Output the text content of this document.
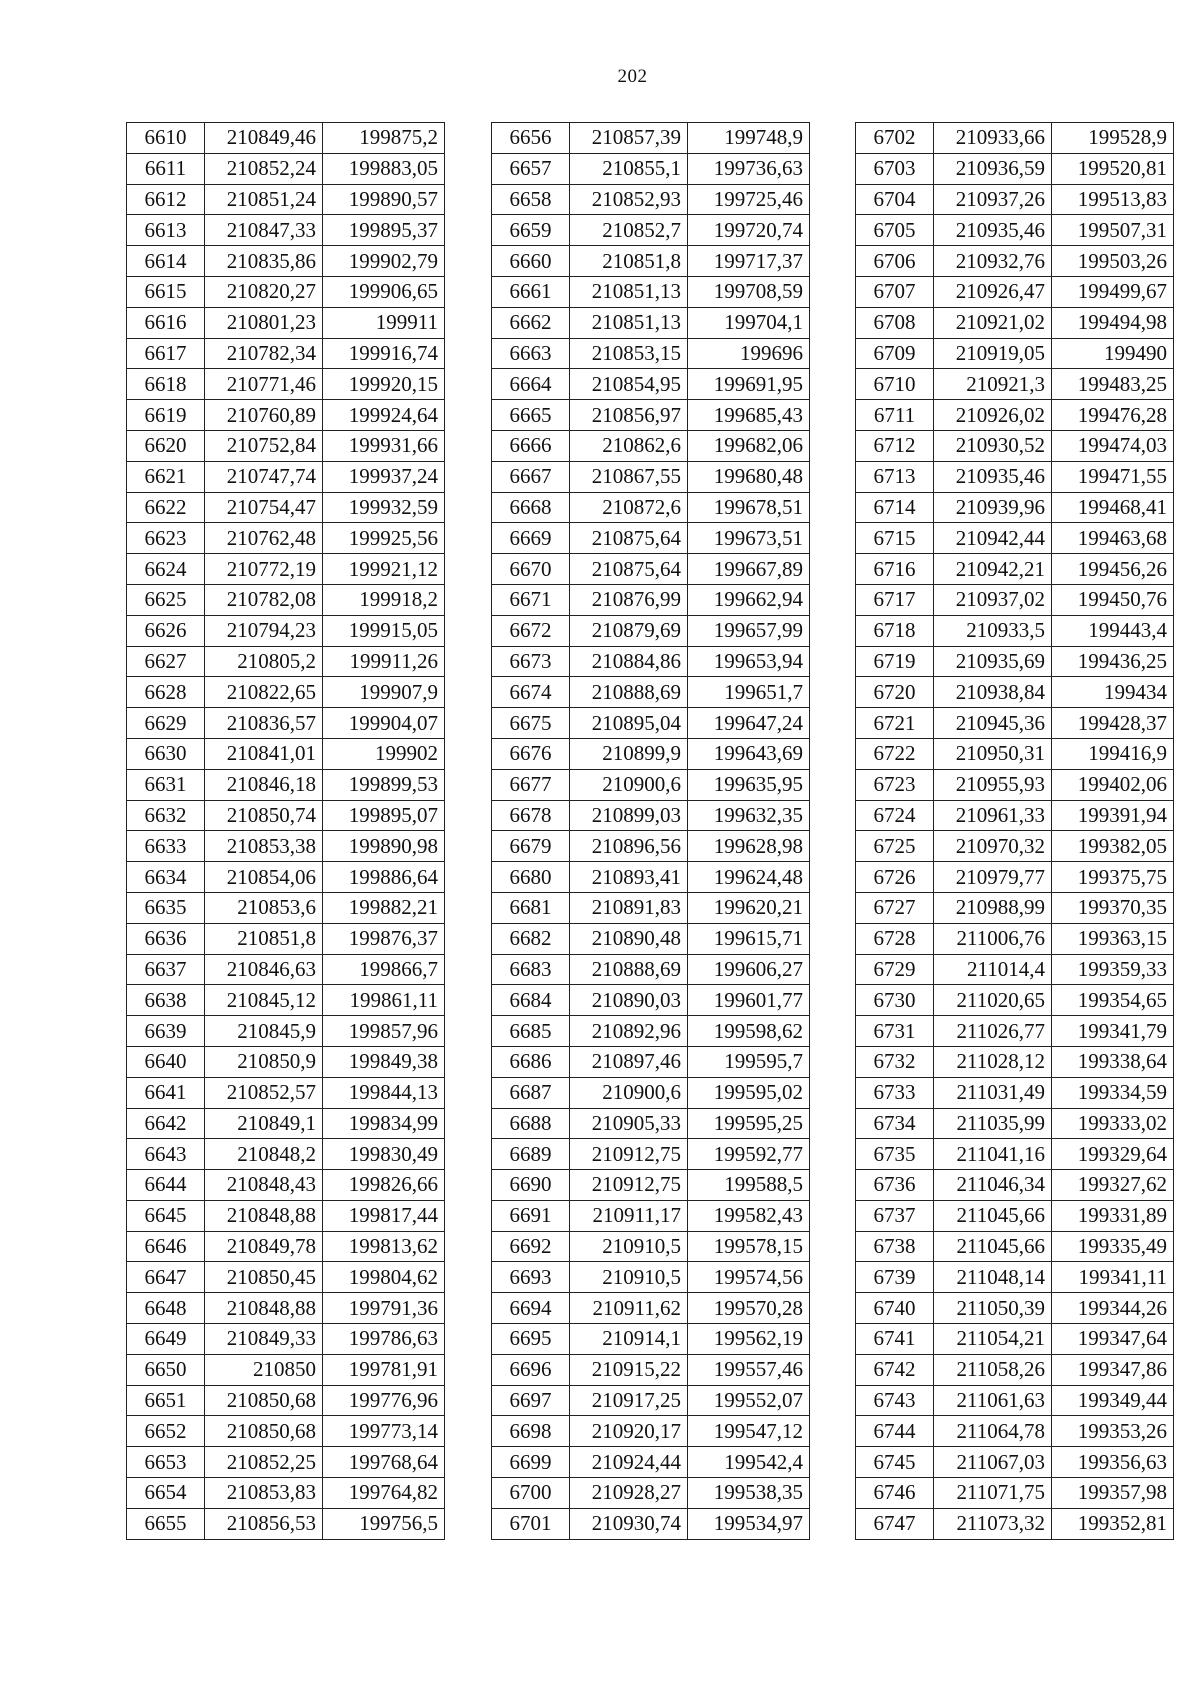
202
6610	210849,46	199875,2
6611	210852,24	199883,05
6612	210851,24	199890,57
6613	210847,33	199895,37
6614	210835,86	199902,79
6615	210820,27	199906,65
6616	210801,23	199911
6617	210782,34	199916,74
6618	210771,46	199920,15
6619	210760,89	199924,64
6620	210752,84	199931,66
6621	210747,74	199937,24
6622	210754,47	199932,59
6623	210762,48	199925,56
6624	210772,19	199921,12
6625	210782,08	199918,2
6626	210794,23	199915,05
6627	210805,2	199911,26
6628	210822,65	199907,9
6629	210836,57	199904,07
6630	210841,01	199902
6631	210846,18	199899,53
6632	210850,74	199895,07
6633	210853,38	199890,98
6634	210854,06	199886,64
6635	210853,6	199882,21
6636	210851,8	199876,37
6637	210846,63	199866,7
6638	210845,12	199861,11
6639	210845,9	199857,96
6640	210850,9	199849,38
6641	210852,57	199844,13
6642	210849,1	199834,99
6643	210848,2	199830,49
6644	210848,43	199826,66
6645	210848,88	199817,44
6646	210849,78	199813,62
6647	210850,45	199804,62
6648	210848,88	199791,36
6649	210849,33	199786,63
6650	210850	199781,91
6651	210850,68	199776,96
6652	210850,68	199773,14
6653	210852,25	199768,64
6654	210853,83	199764,82
6655	210856,53	199756,5
6656	210857,39	199748,9
6657	210855,1	199736,63
6658	210852,93	199725,46
6659	210852,7	199720,74
6660	210851,8	199717,37
6661	210851,13	199708,59
6662	210851,13	199704,1
6663	210853,15	199696
6664	210854,95	199691,95
6665	210856,97	199685,43
6666	210862,6	199682,06
6667	210867,55	199680,48
6668	210872,6	199678,51
6669	210875,64	199673,51
6670	210875,64	199667,89
6671	210876,99	199662,94
6672	210879,69	199657,99
6673	210884,86	199653,94
6674	210888,69	199651,7
6675	210895,04	199647,24
6676	210899,9	199643,69
6677	210900,6	199635,95
6678	210899,03	199632,35
6679	210896,56	199628,98
6680	210893,41	199624,48
6681	210891,83	199620,21
6682	210890,48	199615,71
6683	210888,69	199606,27
6684	210890,03	199601,77
6685	210892,96	199598,62
6686	210897,46	199595,7
6687	210900,6	199595,02
6688	210905,33	199595,25
6689	210912,75	199592,77
6690	210912,75	199588,5
6691	210911,17	199582,43
6692	210910,5	199578,15
6693	210910,5	199574,56
6694	210911,62	199570,28
6695	210914,1	199562,19
6696	210915,22	199557,46
6697	210917,25	199552,07
6698	210920,17	199547,12
6699	210924,44	199542,4
6700	210928,27	199538,35
6701	210930,74	199534,97
6702	210933,66	199528,9
6703	210936,59	199520,81
6704	210937,26	199513,83
6705	210935,46	199507,31
6706	210932,76	199503,26
6707	210926,47	199499,67
6708	210921,02	199494,98
6709	210919,05	199490
6710	210921,3	199483,25
6711	210926,02	199476,28
6712	210930,52	199474,03
6713	210935,46	199471,55
6714	210939,96	199468,41
6715	210942,44	199463,68
6716	210942,21	199456,26
6717	210937,02	199450,76
6718	210933,5	199443,4
6719	210935,69	199436,25
6720	210938,84	199434
6721	210945,36	199428,37
6722	210950,31	199416,9
6723	210955,93	199402,06
6724	210961,33	199391,94
6725	210970,32	199382,05
6726	210979,77	199375,75
6727	210988,99	199370,35
6728	211006,76	199363,15
6729	211014,4	199359,33
6730	211020,65	199354,65
6731	211026,77	199341,79
6732	211028,12	199338,64
6733	211031,49	199334,59
6734	211035,99	199333,02
6735	211041,16	199329,64
6736	211046,34	199327,62
6737	211045,66	199331,89
6738	211045,66	199335,49
6739	211048,14	199341,11
6740	211050,39	199344,26
6741	211054,21	199347,64
6742	211058,26	199347,86
6743	211061,63	199349,44
6744	211064,78	199353,26
6745	211067,03	199356,63
6746	211071,75	199357,98
6747	211073,32	199352,81
